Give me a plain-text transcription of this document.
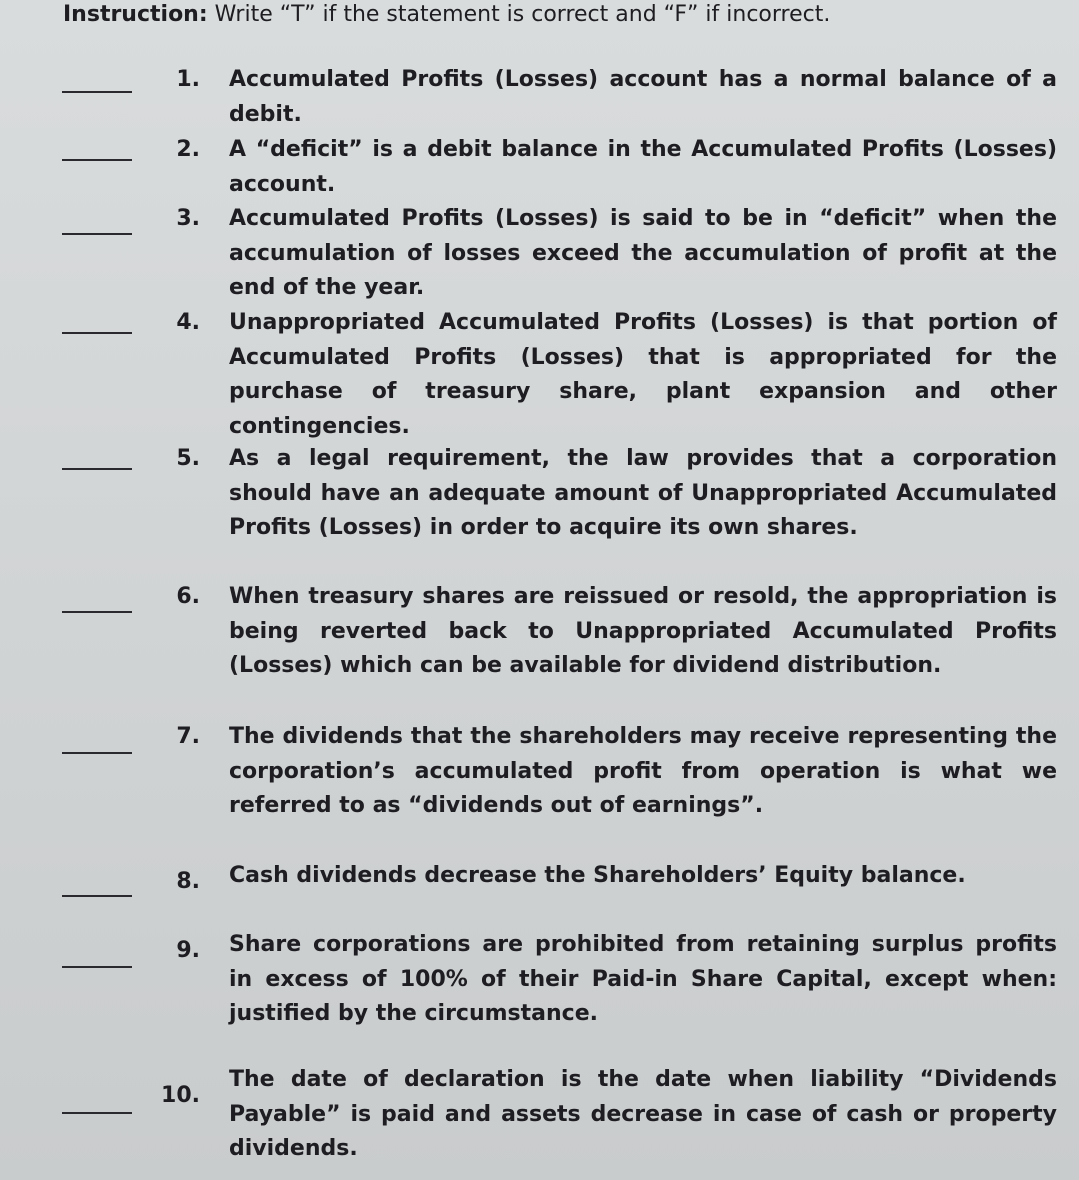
Instruction: Write “T” if the statement is correct and “F” if incorrect.
1. Accumulated Profits (Losses) account has a normal balance of a debit.
2. A “deficit” is a debit balance in the Accumulated Profits (Losses) account.
3. Accumulated Profits (Losses) is said to be in “deficit” when the accumulation of losses exceed the accumulation of profit at the end of the year.
4. Unappropriated Accumulated Profits (Losses) is that portion of Accumulated Profits (Losses) that is appropriated for the purchase of treasury share, plant expansion and other contingencies.
5. As a legal requirement, the law provides that a corporation should have an adequate amount of Unappropriated Accumulated Profits (Losses) in order to acquire its own shares.
6. When treasury shares are reissued or resold, the appropriation is being reverted back to Unappropriated Accumulated Profits (Losses) which can be available for dividend distribution.
7. The dividends that the shareholders may receive representing the corporation’s accumulated profit from operation is what we referred to as “dividends out of earnings”.
8. Cash dividends decrease the Shareholders’ Equity balance.
9. Share corporations are prohibited from retaining surplus profits in excess of 100% of their Paid-in Share Capital, except when: justified by the circumstance.
10.
The date of declaration is the date when liability “Dividends Payable” is paid and assets decrease in case of cash or property dividends.
